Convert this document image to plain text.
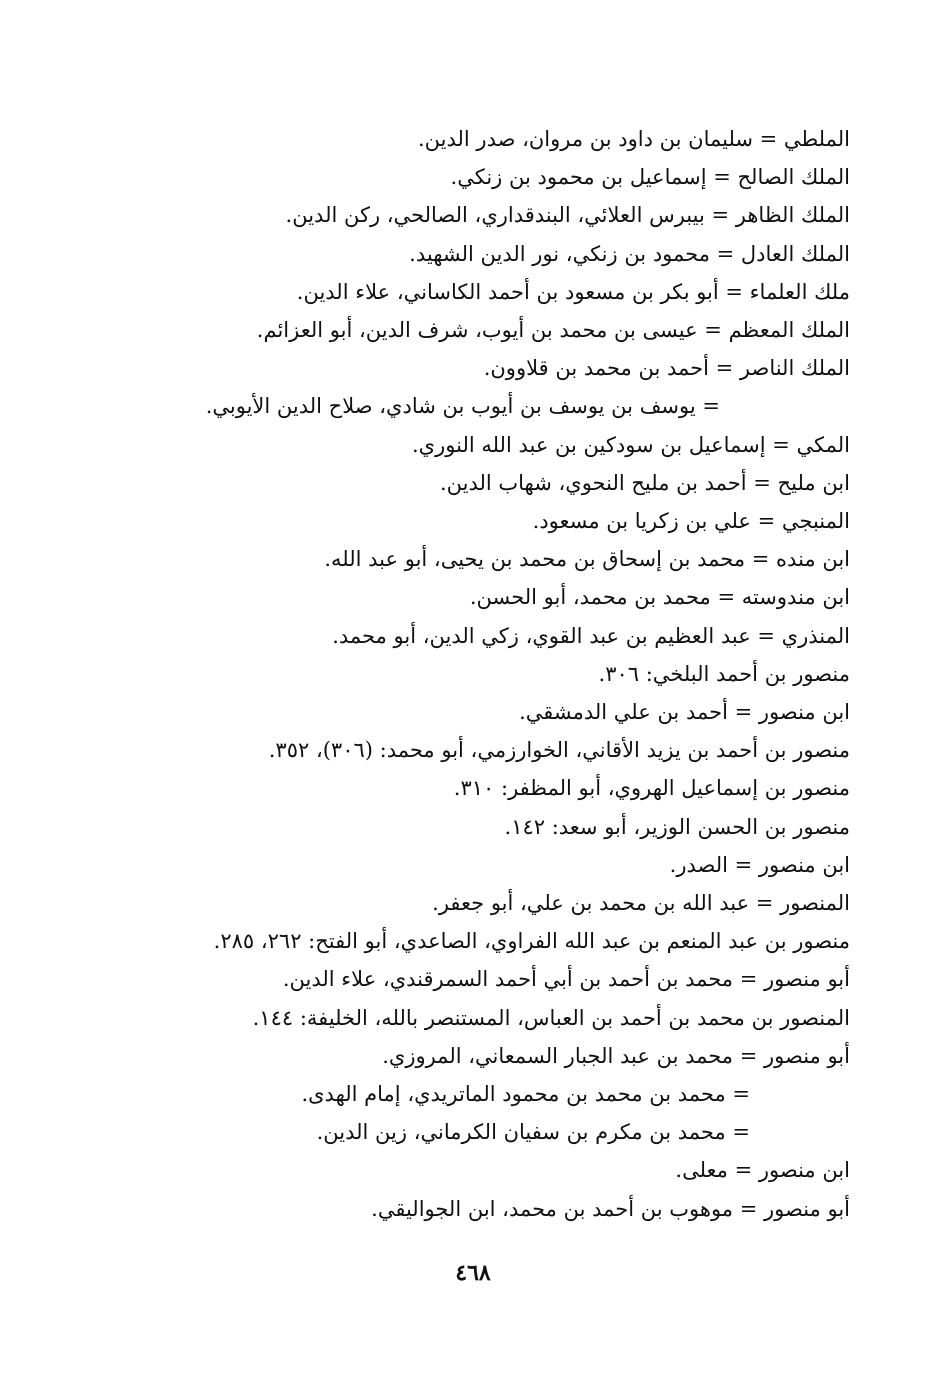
الملطي = سليمان بن داود بن مروان، صدر الدين.
الملك الصالح = إسماعيل بن محمود بن زنكي.
الملك الظاهر = بيبرس العلائي، البندقداري، الصالحي، ركن الدين.
الملك العادل = محمود بن زنكي، نور الدين الشهيد.
ملك العلماء = أبو بكر بن مسعود بن أحمد الكاساني، علاء الدين.
الملك المعظم = عيسى بن محمد بن أيوب، شرف الدين، أبو العزائم.
الملك الناصر = أحمد بن محمد بن قلاوون.
= يوسف بن يوسف بن أيوب بن شادي، صلاح الدين الأيوبي.
المكي = إسماعيل بن سودكين بن عبد الله النوري.
ابن مليح = أحمد بن مليح النحوي، شهاب الدين.
المنبجي = علي بن زكريا بن مسعود.
ابن منده = محمد بن إسحاق بن محمد بن يحيى، أبو عبد الله.
ابن مندوسته = محمد بن محمد، أبو الحسن.
المنذري = عبد العظيم بن عبد القوي، زكي الدين، أبو محمد.
منصور بن أحمد البلخي: ٣٠٦.
ابن منصور = أحمد بن علي الدمشقي.
منصور بن أحمد بن يزيد الأقاني، الخوارزمي، أبو محمد: (٣٠٦)، ٣٥٢.
منصور بن إسماعيل الهروي، أبو المظفر: ٣١٠.
منصور بن الحسن الوزير، أبو سعد: ١٤٢.
ابن منصور = الصدر.
المنصور = عبد الله بن محمد بن علي، أبو جعفر.
منصور بن عبد المنعم بن عبد الله الفراوي، الصاعدي، أبو الفتح: ٢٦٢، ٢٨٥.
أبو منصور = محمد بن أحمد بن أبي أحمد السمرقندي، علاء الدين.
المنصور بن محمد بن أحمد بن العباس، المستنصر بالله، الخليفة: ١٤٤.
أبو منصور = محمد بن عبد الجبار السمعاني، المروزي.
= محمد بن محمد بن محمود الماتريدي، إمام الهدى.
= محمد بن مكرم بن سفيان الكرماني، زين الدين.
ابن منصور = معلى.
أبو منصور = موهوب بن أحمد بن محمد، ابن الجواليقي.
٤٦٨
